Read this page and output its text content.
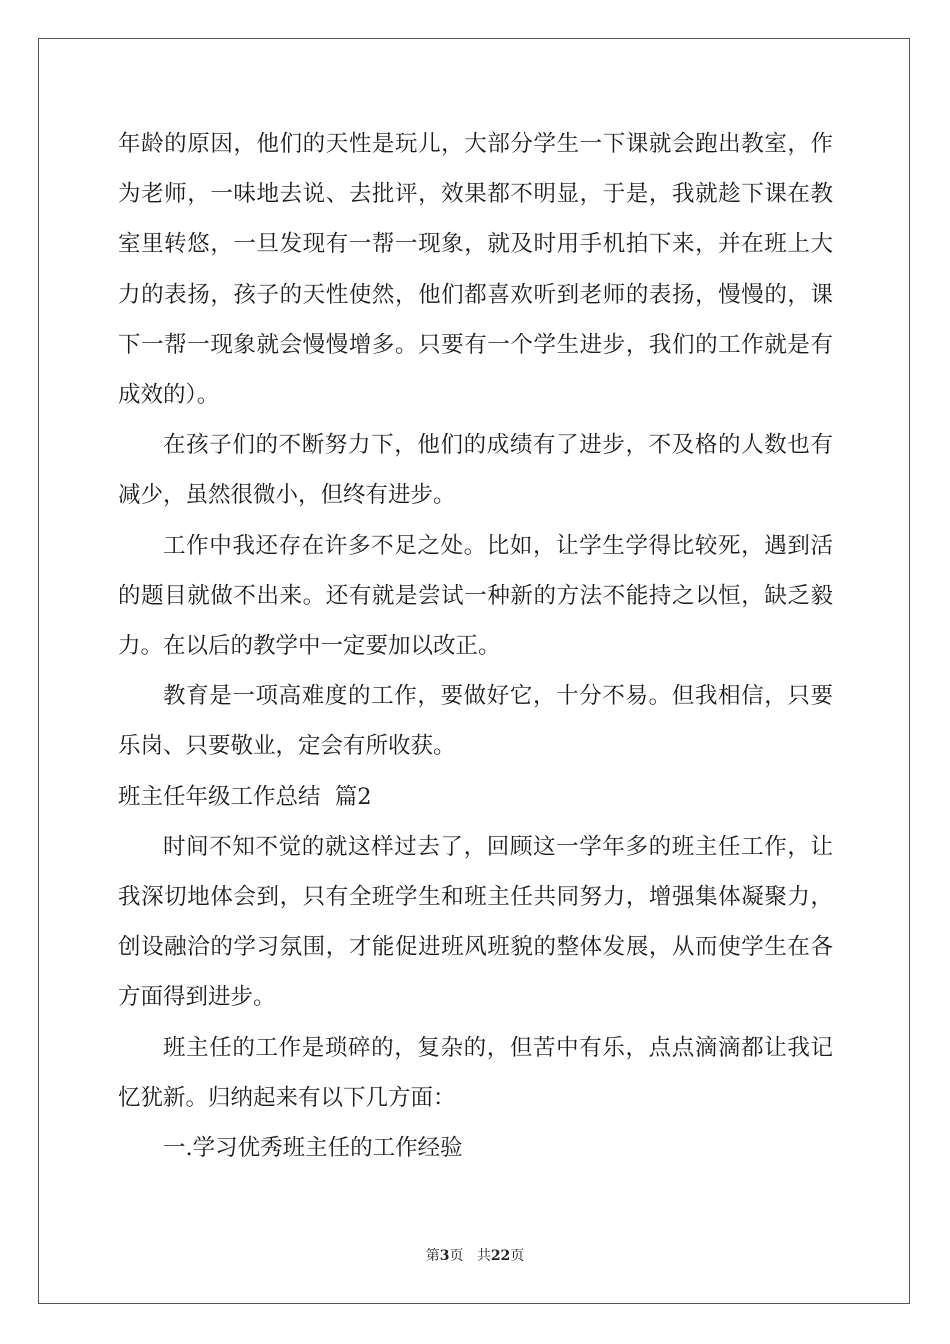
年龄的原因，他们的天性是玩儿，大部分学生一下课就会跑出教室，作为老师，一味地去说、去批评，效果都不明显，于是，我就趁下课在教室里转悠，一旦发现有一帮一现象，就及时用手机拍下来，并在班上大力的表扬，孩子的天性使然，他们都喜欢听到老师的表扬，慢慢的，课下一帮一现象就会慢慢增多。只要有一个学生进步，我们的工作就是有成效的）。

在孩子们的不断努力下，他们的成绩有了进步，不及格的人数也有减少，虽然很微小，但终有进步。

工作中我还存在许多不足之处。比如，让学生学得比较死，遇到活的题目就做不出来。还有就是尝试一种新的方法不能持之以恒，缺乏毅力。在以后的教学中一定要加以改正。

教育是一项高难度的工作，要做好它，十分不易。但我相信，只要乐岗、只要敬业，定会有所收获。

班主任年级工作总结  篇2

时间不知不觉的就这样过去了，回顾这一学年多的班主任工作，让我深切地体会到，只有全班学生和班主任共同努力，增强集体凝聚力，创设融洽的学习氛围，才能促进班风班貌的整体发展，从而使学生在各方面得到进步。

班主任的工作是琐碎的，复杂的，但苦中有乐，点点滴滴都让我记忆犹新。归纳起来有以下几方面：

一.学习优秀班主任的工作经验

第3页 共22页
